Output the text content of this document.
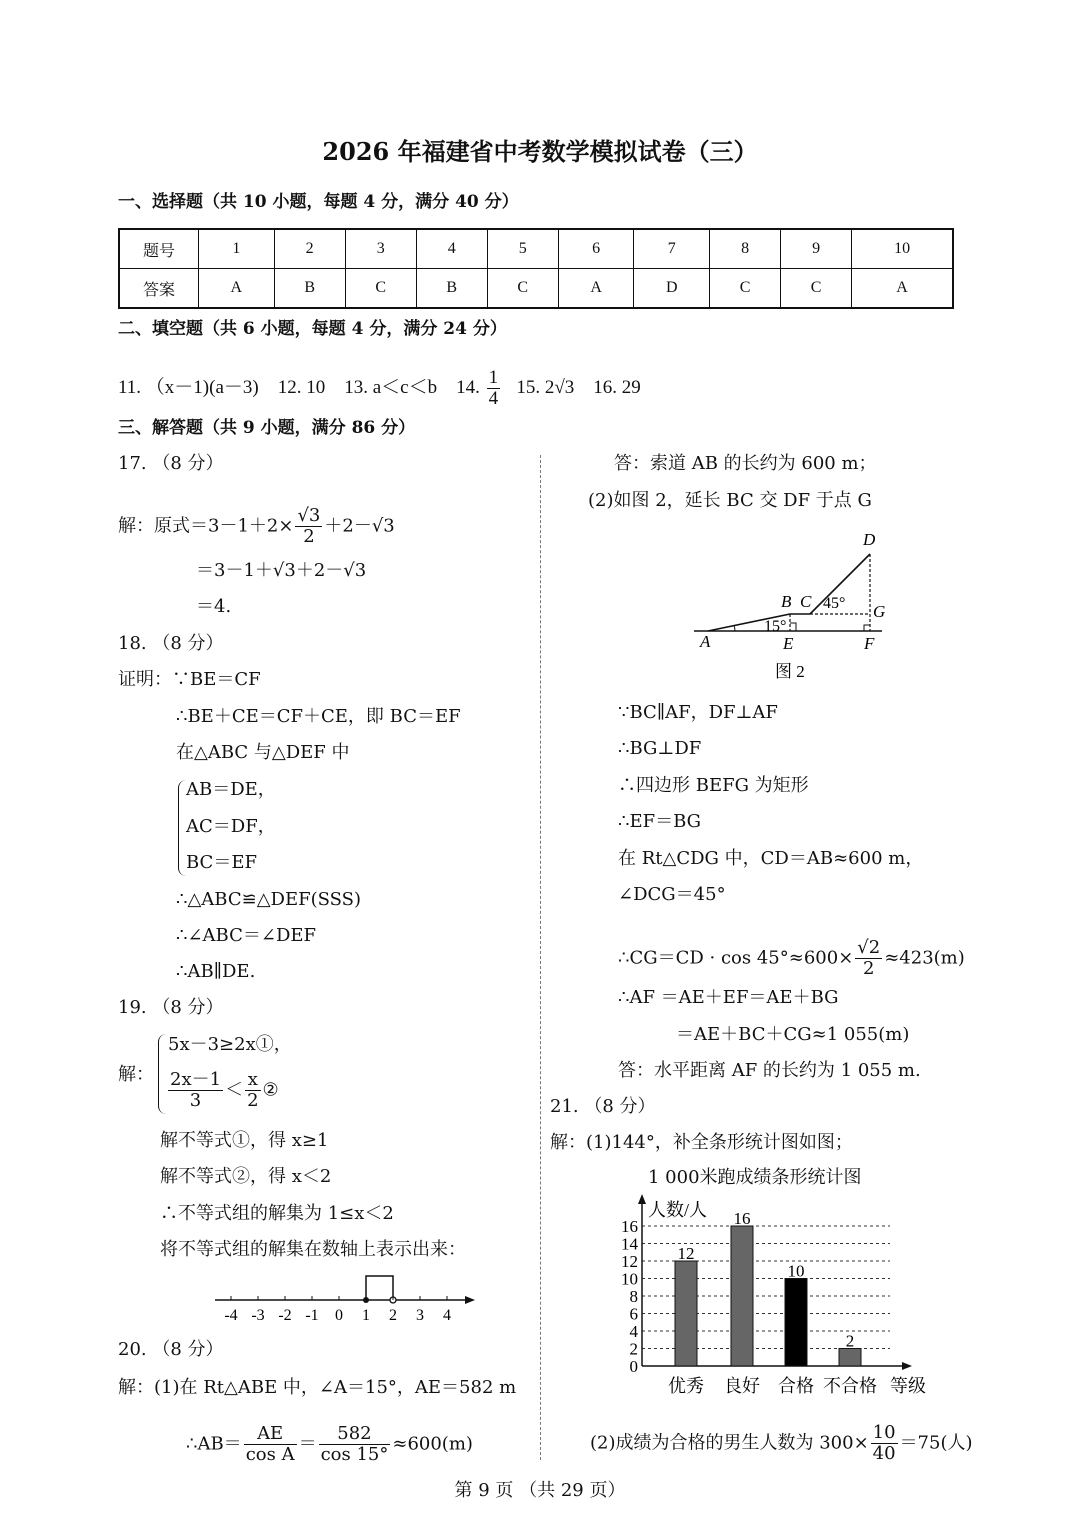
2026 年福建省中考数学模拟试卷（三）
一、选择题（共 10 小题，每题 4 分，满分 40 分）
题号	1	2	3	4	5	6	7	8	9	10
答案	A	B	C	B	C	A	D	C	C	A
二、填空题（共 6 小题，每题 4 分，满分 24 分）
11. （x－1)(a－3) 12. 10 13. a＜c＜b 14. $\frac{1}{4} 15$. 2√3 16. 29
三、解答题（共 9 小题，满分 86 分）
17. （8 分）
解：原式$=3-1+2\times \frac{√3}{2} +2-√3$
＝3－1＋√3＋2－√3
＝4.
18. （8 分）
证明：∵BE＝CF
∴BE＋CE＝CF＋CE，即 BC＝EF
在△ABC 与△DEF 中
AB＝DE，
AC＝DF，
BC＝EF
∴△ABC≌△DEF(SSS)
∴∠ABC＝∠DEF
∴AB∥DE.
19. （8 分）
解：
5x－3≥2x①，
$\frac{2x-1}{3} < \frac{x}{2}$ ②
解不等式①，得 x≥1
解不等式②，得 x＜2
∴不等式组的解集为 1≤x＜2
将不等式组的解集在数轴上表示出来：
-4 -3 -2 -1 0 1 2 3 4
20. （8 分）
解：(1)在 Rt△ABE 中，∠A＝15°，AE＝582 m
∴AB＝ $\frac{AE}{\text{cos A}} = \frac{582}{\cos 15^\circ} \approx 600(m)$
答：索道 AB 的长约为 600 m；
(2)如图 2，延长 BC 交 DF 于点 G
A
B C
D
E	F
G
15°
45°
图 2
∵BC∥AF，DF⊥AF
∴BG⊥DF
∴四边形 BEFG 为矩形
∴EF＝BG
在 Rt△CDG 中，CD＝AB≈600 m，
∠DCG＝45°
∴CG＝CD · $\cos 45^\circ\approx 600\times \frac{√2}{2} \approx 423(m)$
∴AF ＝AE＋EF＝AE＋BG
＝AE＋BC＋CG≈1 055(m)
答：水平距离 AF 的长约为 1 055 m.
21. （8 分）
解：(1)144°，补全条形统计图如图；
1 000米跑成绩条形统计图
0
2
4
6
8
10
12
14
16
人数/人
等级
12
优秀
16
良好
10
合格
2
不合格
(2)成绩为合格的男生人数为 $300\times \frac{10}{40} =75$(人)
第 9 页 （共 29 页）
